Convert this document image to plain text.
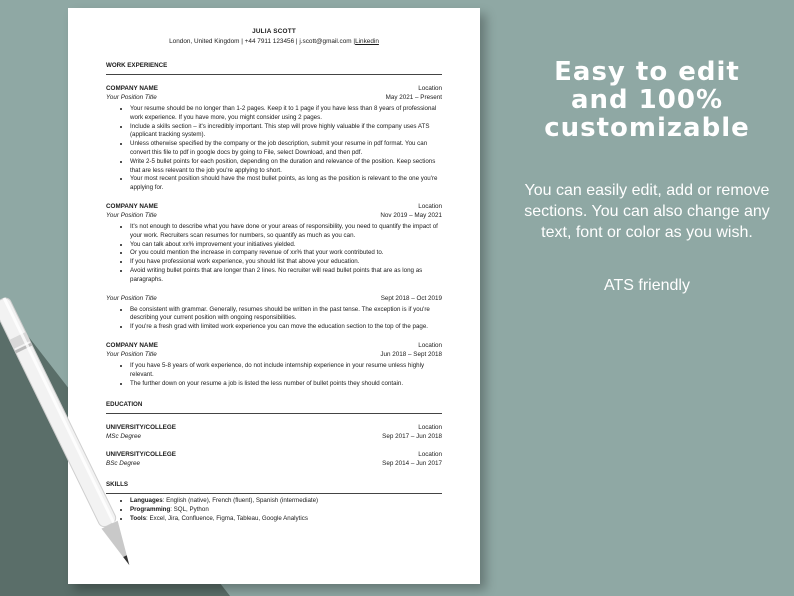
JULIA SCOTT
London, United Kingdom | +44 7911 123456 | j.scott@gmail.com |Linkedin
WORK EXPERIENCE
COMPANY NAME	Location
Your Position Title	May 2021 – Present
• Your resume should be no longer than 1-2 pages. Keep it to 1 page if you have less than 8 years of professional work experience. If you have more, you might consider using 2 pages.
• Include a skills section – it's incredibly important. This step will prove highly valuable if the company uses ATS (applicant tracking system).
• Unless otherwise specified by the company or the job description, submit your resume in pdf format. You can convert this file to pdf in google docs by going to File, select Download, and then pdf.
• Write 2-5 bullet points for each position, depending on the duration and relevance of the position. Keep sections that are less relevant to the job you're applying to short.
• Your most recent position should have the most bullet points, as long as the position is relevant to the one you're applying for.
COMPANY NAME	Location
Your Position Title	Nov 2019 – May 2021
• It's not enough to describe what you have done or your areas of responsibility, you need to quantify the impact of your work. Recruiters scan resumes for numbers, so quantify as much as you can.
• You can talk about xx% improvement your initiatives yielded.
• Or you could mention the increase in company revenue of xx% that your work contributed to.
• If you have professional work experience, you should list that above your education.
• Avoid writing bullet points that are longer than 2 lines. No recruiter will read bullet points that are as long as paragraphs.
Your Position Title	Sept 2018 – Oct 2019
• Be consistent with grammar. Generally, resumes should be written in the past tense. The exception is if you're describing your current position with ongoing responsibilities.
• If you're a fresh grad with limited work experience you can move the education section to the top of the page.
COMPANY NAME	Location
Your Position Title	Jun 2018 – Sept 2018
• If you have 5-8 years of work experience, do not include internship experience in your resume unless highly relevant.
• The further down on your resume a job is listed the less number of bullet points they should contain.
EDUCATION
UNIVERSITY/COLLEGE	Location
MSc Degree	Sep 2017 – Jun 2018
UNIVERSITY/COLLEGE	Location
BSc Degree	Sep 2014 – Jun 2017
SKILLS
• Languages: English (native), French (fluent), Spanish (intermediate)
• Programming: SQL, Python
• Tools: Excel, Jira, Confluence, Figma, Tableau, Google Analytics
Easy to edit
and 100%
customizable
You can easily edit, add or remove sections. You can also change any text, font or color as you wish.
ATS friendly
